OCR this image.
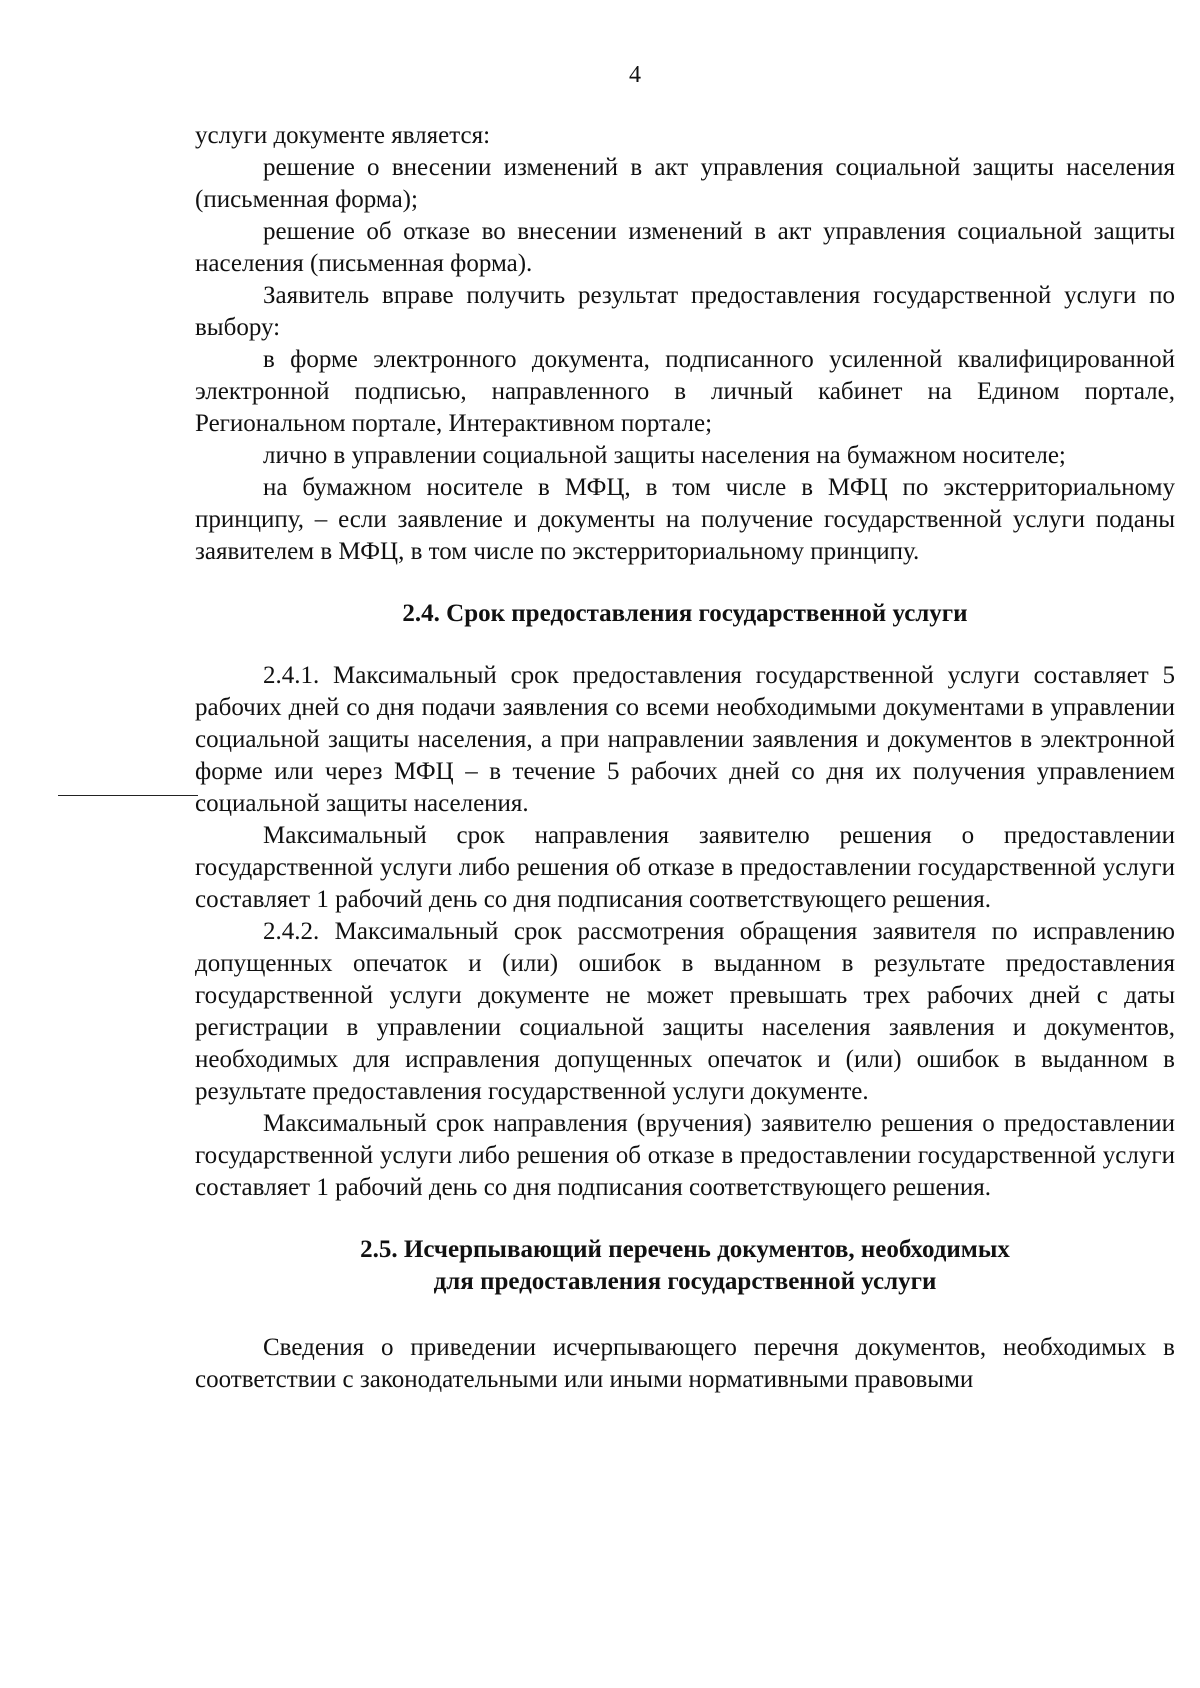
4

услуги документе является:

решение о внесении изменений в акт управления социальной защиты населения (письменная форма);

решение об отказе во внесении изменений в акт управления социальной защиты населения (письменная форма).

Заявитель вправе получить результат предоставления государственной услуги по выбору:

в форме электронного документа, подписанного усиленной квалифицированной электронной подписью, направленного в личный кабинет на Едином портале, Региональном портале, Интерактивном портале;

лично в управлении социальной защиты населения на бумажном носителе;

на бумажном носителе в МФЦ, в том числе в МФЦ по экстерриториальному принципу, – если заявление и документы на получение государственной услуги поданы заявителем в МФЦ, в том числе по экстерриториальному принципу.

2.4. Срок предоставления государственной услуги

2.4.1. Максимальный срок предоставления государственной услуги составляет 5 рабочих дней со дня подачи заявления со всеми необходимыми документами в управлении социальной защиты населения, а при направлении заявления и документов в электронной форме или через МФЦ – в течение 5 рабочих дней со дня их получения управлением социальной защиты населения.

Максимальный срок направления заявителю решения о предоставлении государственной услуги либо решения об отказе в предоставлении государственной услуги составляет 1 рабочий день со дня подписания соответствующего решения.

2.4.2. Максимальный срок рассмотрения обращения заявителя по исправлению допущенных опечаток и (или) ошибок в выданном в результате предоставления государственной услуги документе не может превышать трех рабочих дней с даты регистрации в управлении социальной защиты населения заявления и документов, необходимых для исправления допущенных опечаток и (или) ошибок в выданном в результате предоставления государственной услуги документе.

Максимальный срок направления (вручения) заявителю решения о предоставлении государственной услуги либо решения об отказе в предоставлении государственной услуги составляет 1 рабочий день со дня подписания соответствующего решения.

2.5. Исчерпывающий перечень документов, необходимых

для предоставления государственной услуги

Сведения о приведении исчерпывающего перечня документов, необходимых в соответствии с законодательными или иными нормативными правовыми
